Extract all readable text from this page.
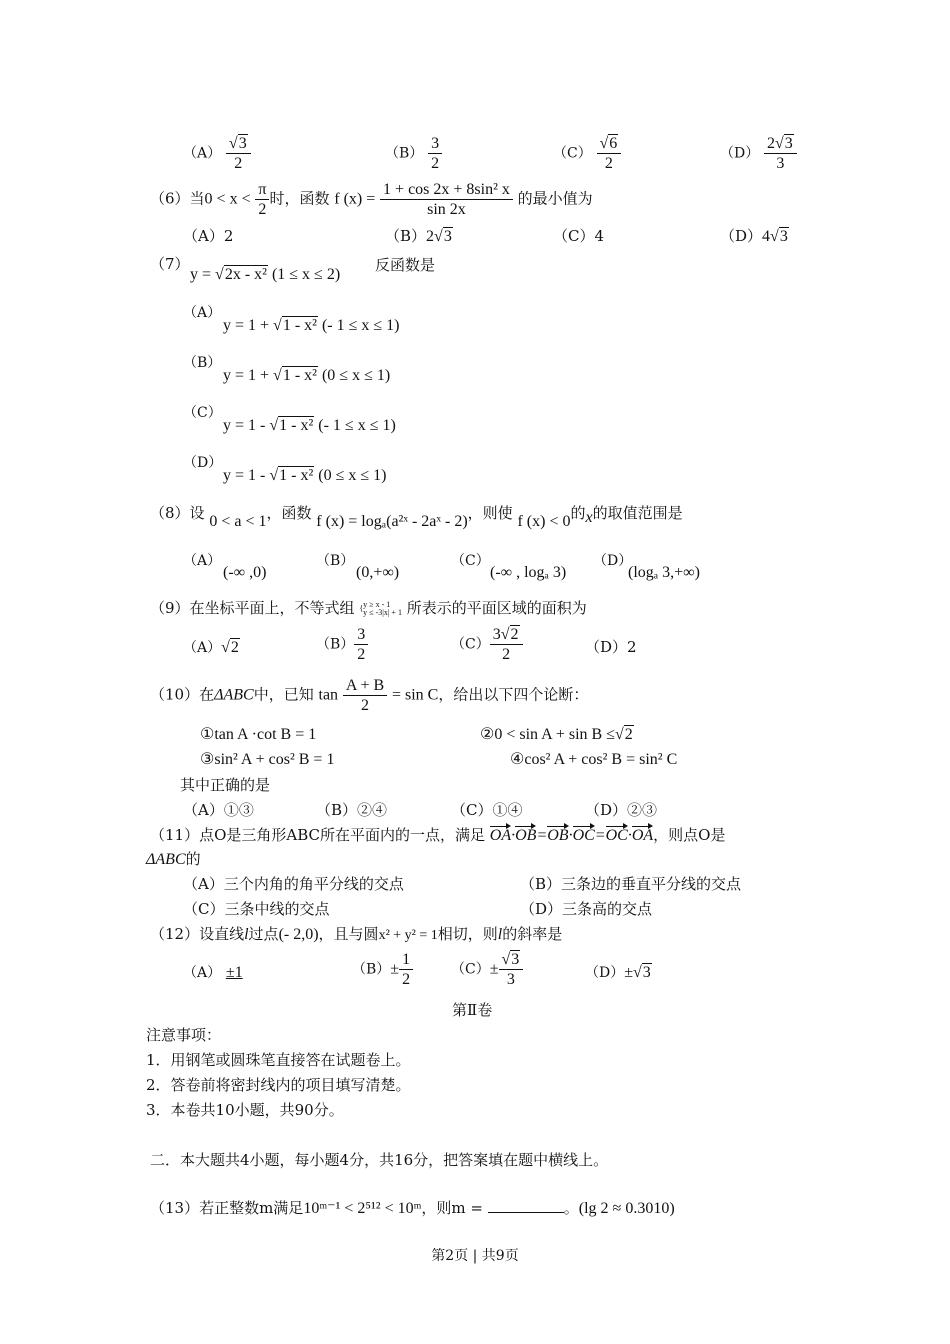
$(A) \frac{√3}{2}$	$(B) \frac{3}{2}$	$(C) \frac{√6}{2}$	$(D) \frac{2√3}{3}$
（6）当$0 < x < \frac{\pi}{2}$ 时，函数 f $(x) = \frac{\text{1 + cos 2x + 8sin² x}}{\sin 2x}$ 的最小值为
（A）2	（B）2√3	（C）4	（D）4√3
（7）
y = √2x - x² (1 ≤ x ≤ 2)
反函数是
（A）
y = 1 + √1 - x² (- 1 ≤ x ≤ 1)
（B）
y = 1 + √1 - x² (0 ≤ x ≤ 1)
（C）
y = 1 - √1 - x² (- 1 ≤ x ≤ 1)
（D）
y = 1 - √1 - x² (0 ≤ x ≤ 1)
（8）设 0 < a < 1，函数 f (x) = logₐ(a²ˣ - 2aˣ - 2)，则使 f (x) < 0的x的取值范围是
（A）
(-∞ ,0)
（B）
(0,+∞)
（C）
(-∞ , logₐ 3)
（D）
(logₐ 3,+∞)
（9）在坐标平面上，不等式组 { y ≥ x - 1
y ≤ -3|x| + 1 所表示的平面区域的面积为
（A）√2	$(B) \frac{3}{2}$	$(C) \frac{3√2}{2}$	（D）2
（10）在ΔABC中，已知 $\tan \frac{A + B}{2} = \sin C$，给出以下四个论断：
①tan A ·cot B = 1	②0 < sin A + sin B ≤√2
③sin² A + cos² B = 1	④cos² A + cos² B = sin² C
其中正确的是
（A）①③	（B）②④	（C）①④	（D）②③
（11）点O是三角形ABC所在平面内的一点，满足 OA·OB=OB·OC=OC·OA，则点O是
ΔABC的
（A）三个内角的角平分线的交点	（B）三条边的垂直平分线的交点
（C）三条中线的交点	（D）三条高的交点
（12）设直线l过点(- 2,0)，且与圆x² + y² = 1相切，则l的斜率是
（A） ±1	$(B)\pm \frac{1}{2}$	$(C)\pm \frac{√3}{3}$	（D）±√3
第Ⅱ卷
注意事项：
1．用钢笔或圆珠笔直接答在试题卷上。
2．答卷前将密封线内的项目填写清楚。
3．本卷共10小题，共90分。
二．本大题共4小题，每小题4分，共16分，把答案填在题中横线上。
（13）若正整数m满足10ᵐ⁻¹ < 2⁵¹² < 10ᵐ，则m =	。(lg 2 ≈ 0.3010)
第2页 | 共9页
